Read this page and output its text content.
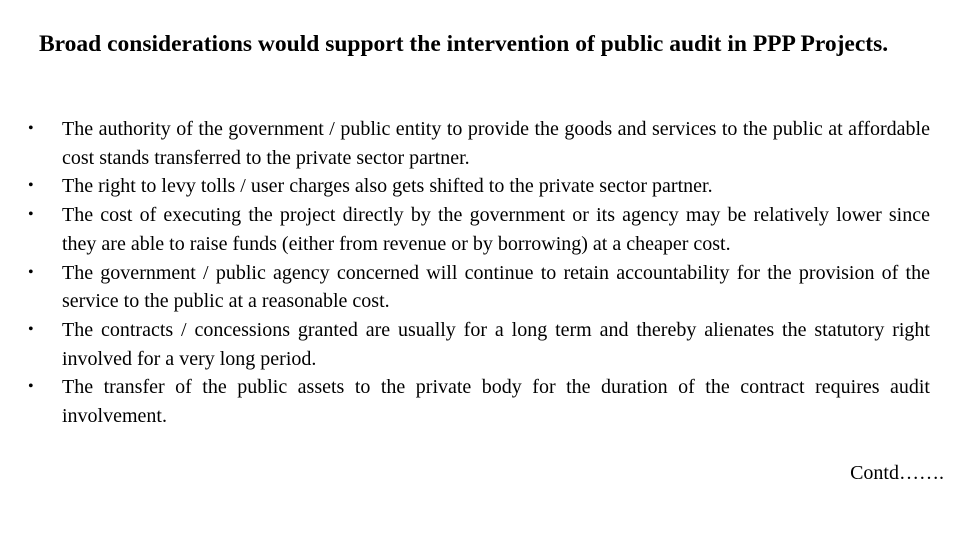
Broad considerations would support the intervention of public audit in PPP Projects.
• The authority of the government / public entity to provide the goods and services to the public at affordable cost stands transferred to the private sector partner.
• The right to levy tolls / user charges also gets shifted to the private sector partner.
• The cost of executing the project directly by the government or its agency may be relatively lower since they are able to raise funds (either from revenue or by borrowing) at a cheaper cost.
• The government / public agency concerned will continue to retain accountability for the provision of the service to the public at a reasonable cost.
• The contracts / concessions granted are usually for a long term and thereby alienates the statutory right involved for a very long period.
• The transfer of the public assets to the private body for the duration of the contract requires audit involvement.
Contd…….
